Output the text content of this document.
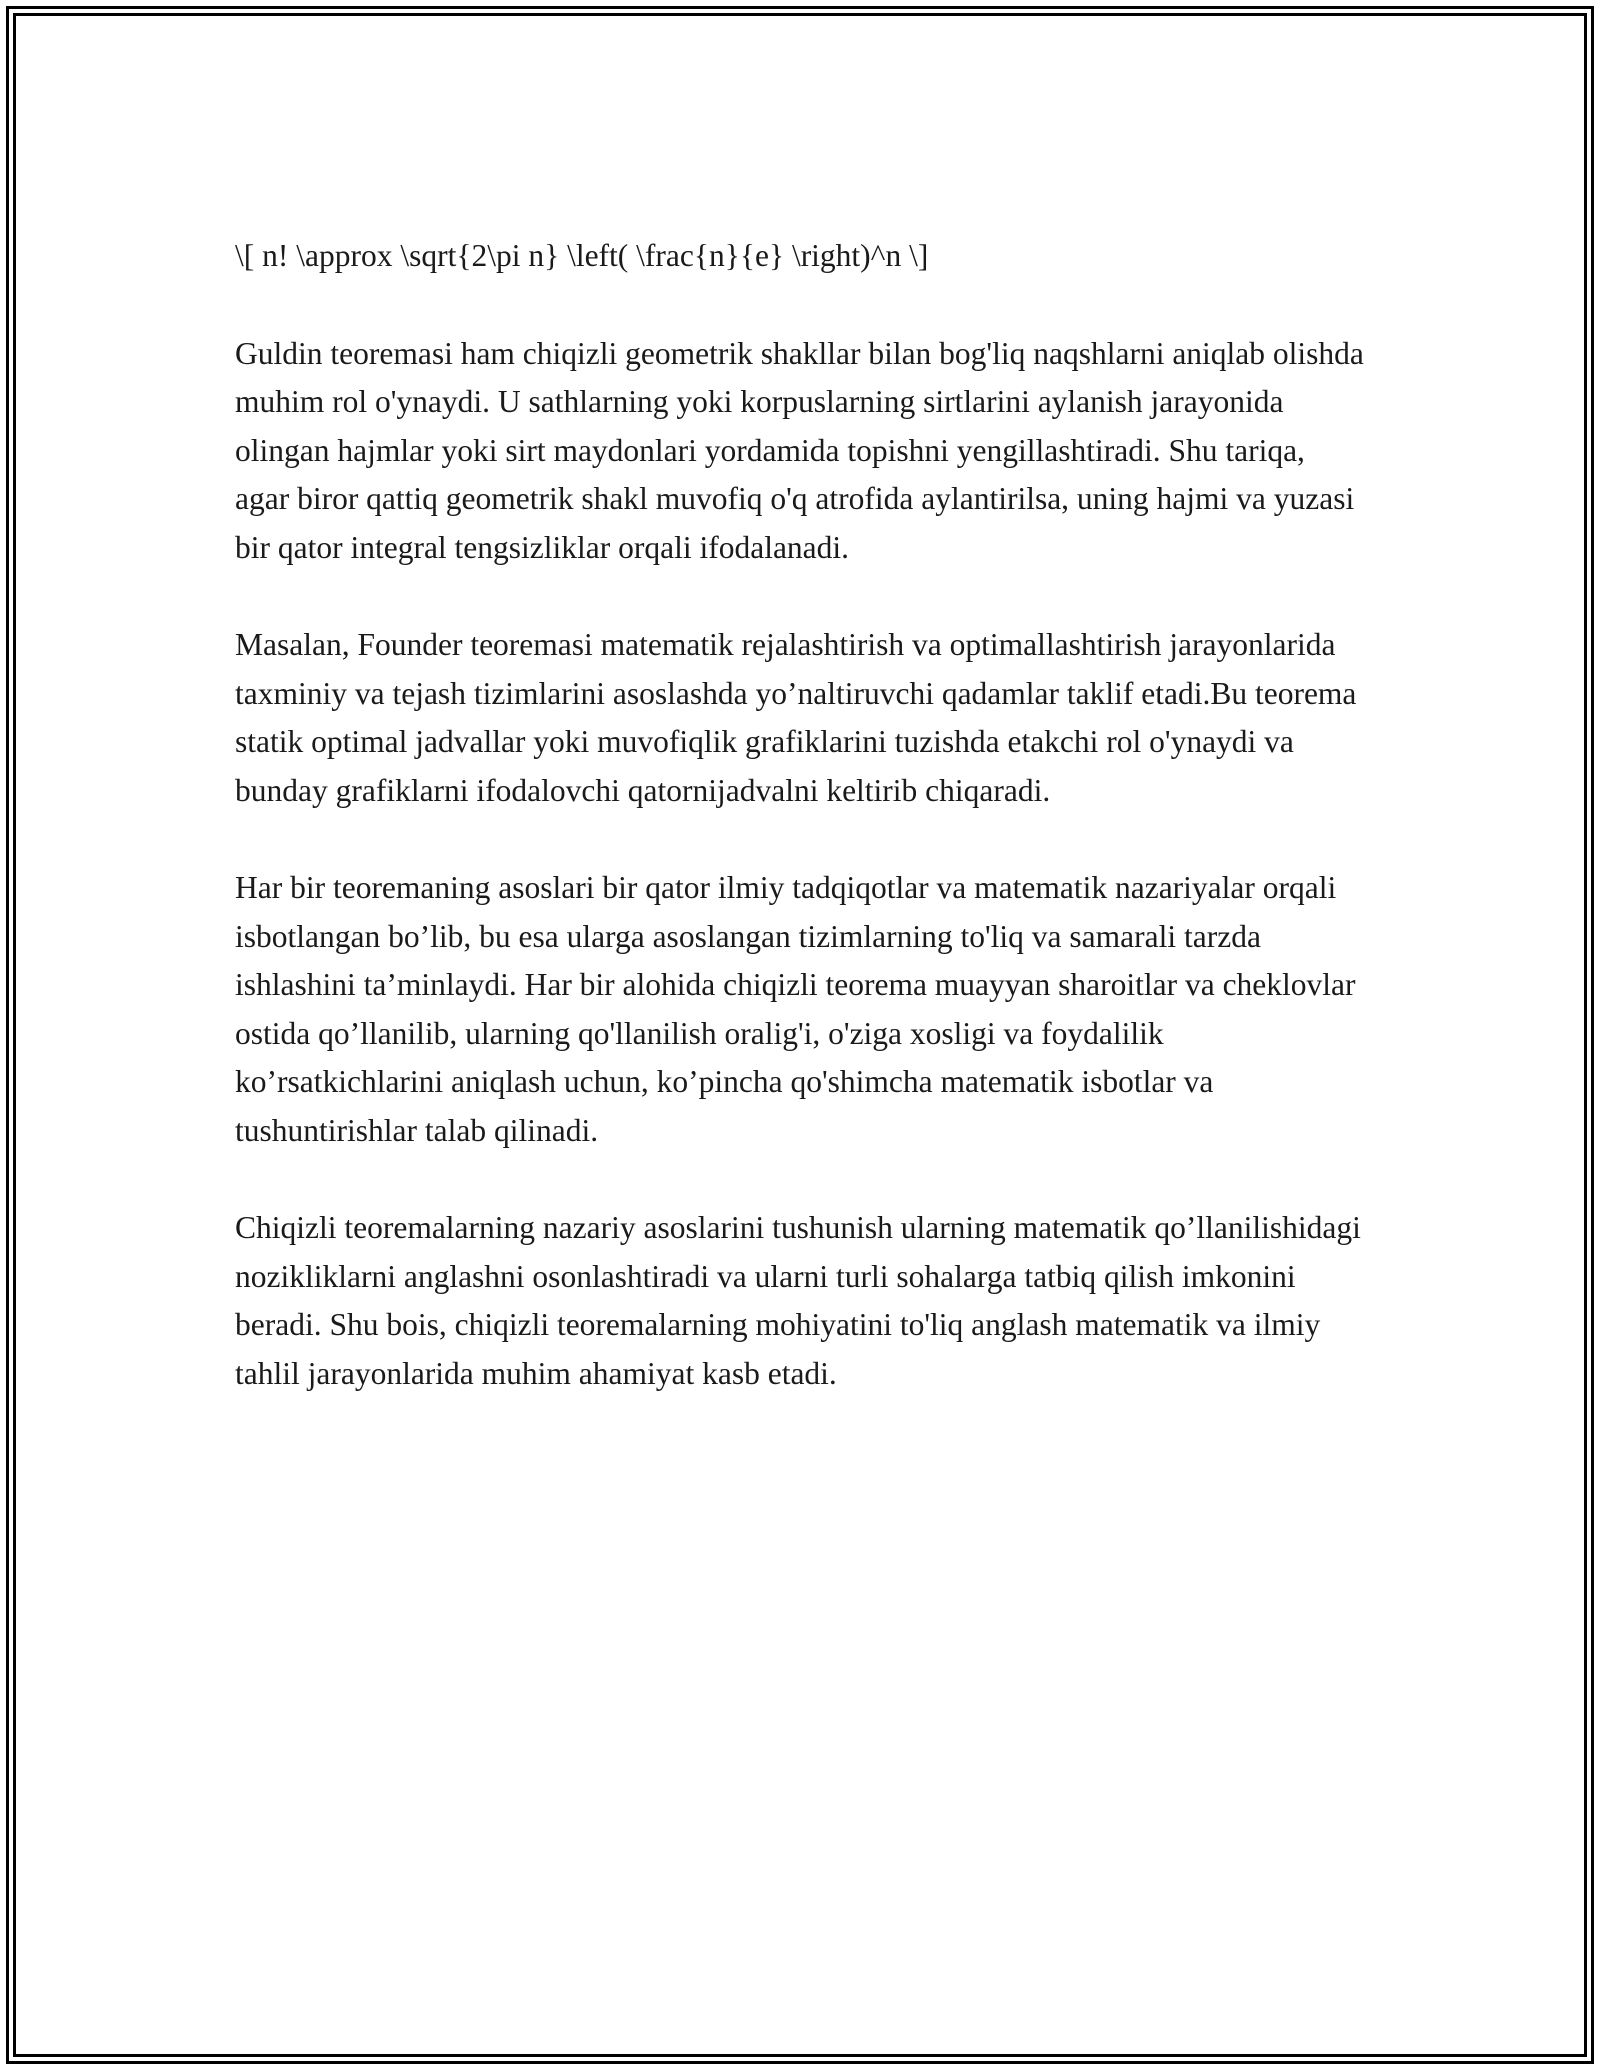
\[ n! \approx \sqrt{2\pi n} \left( \frac{n}{e} \right)^n \]

Guldin teoremasi ham chiqizli geometrik shakllar bilan bog'liq naqshlarni aniqlab olishda muhim rol o'ynaydi. U sathlarning yoki korpuslarning sirtlarini aylanish jarayonida olingan hajmlar yoki sirt maydonlari yordamida topishni yengillashtiradi. Shu tariqa, agar biror qattiq geometrik shakl muvofiq o'q atrofida aylantirilsa, uning hajmi va yuzasi bir qator integral tengsizliklar orqali ifodalanadi.

Masalan, Founder teoremasi matematik rejalashtirish va optimallashtirish jarayonlarida taxminiy va tejash tizimlarini asoslashda yo’naltiruvchi qadamlar taklif etadi.Bu teorema statik optimal jadvallar yoki muvofiqlik grafiklarini tuzishda etakchi rol o'ynaydi va bunday grafiklarni ifodalovchi qatornijadvalni keltirib chiqaradi.

Har bir teoremaning asoslari bir qator ilmiy tadqiqotlar va matematik nazariyalar orqali isbotlangan bo’lib, bu esa ularga asoslangan tizimlarning to'liq va samarali tarzda ishlashini ta’minlaydi. Har bir alohida chiqizli teorema muayyan sharoitlar va cheklovlar ostida qo’llanilib, ularning qo'llanilish oralig'i, o'ziga xosligi va foydalilik ko’rsatkichlarini aniqlash uchun, ko’pincha qo'shimcha matematik isbotlar va tushuntirishlar talab qilinadi.

Chiqizli teoremalarning nazariy asoslarini tushunish ularning matematik qo’llanilishidagi nozikliklarni anglashni osonlashtiradi va ularni turli sohalarga tatbiq qilish imkonini beradi. Shu bois, chiqizli teoremalarning mohiyatini to'liq anglash matematik va ilmiy tahlil jarayonlarida muhim ahamiyat kasb etadi.
